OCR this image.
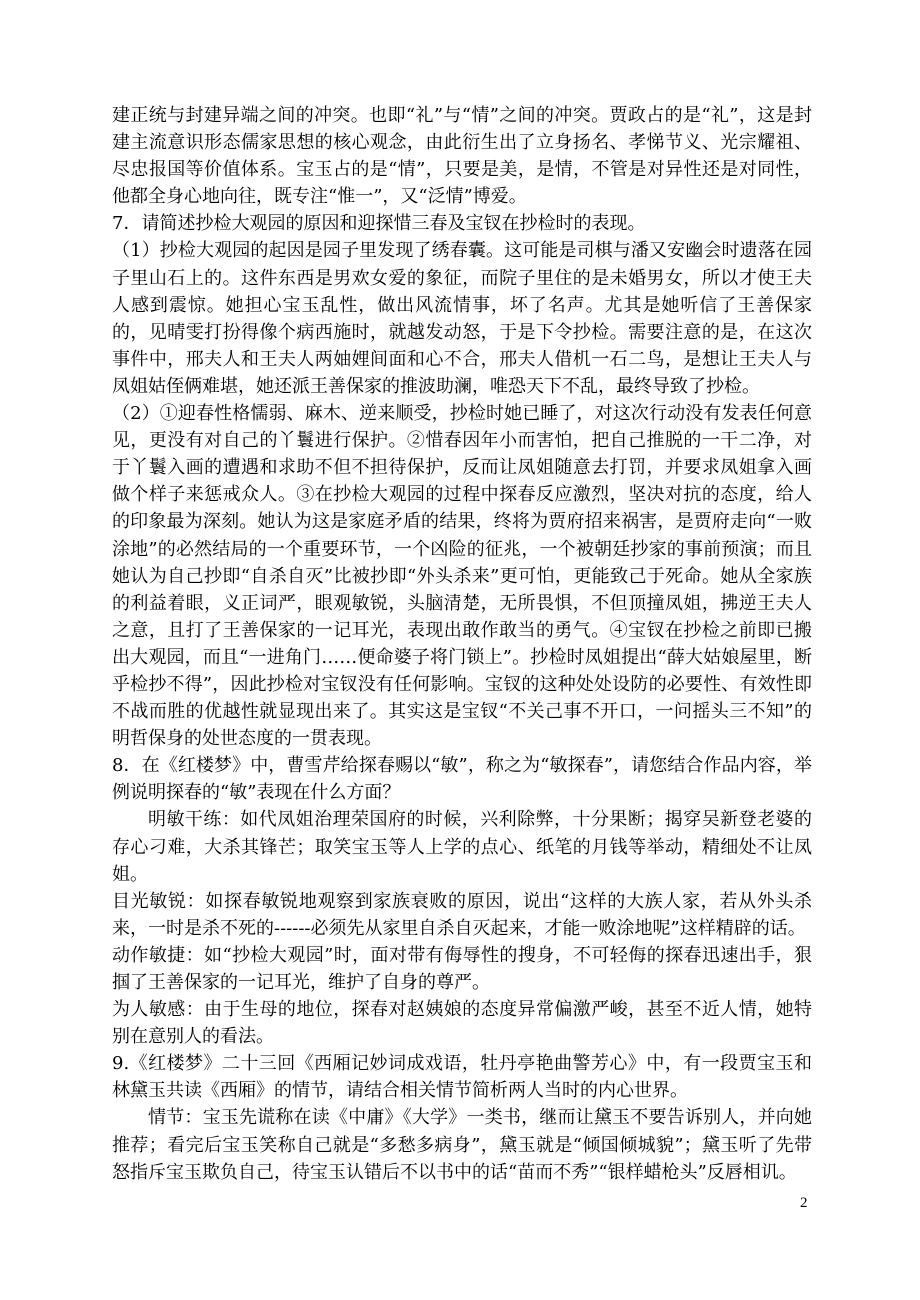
建正统与封建异端之间的冲突。也即“礼”与“情”之间的冲突。贾政占的是“礼”，这是封建主流意识形态儒家思想的核心观念，由此衍生出了立身扬名、孝悌节义、光宗耀祖、尽忠报国等价值体系。宝玉占的是“情”，只要是美，是情，不管是对异性还是对同性，他都全身心地向往，既专注“惟一”，又“泛情”博爱。

7．请简述抄检大观园的原因和迎探惜三春及宝钗在抄检时的表现。

（1）抄检大观园的起因是园子里发现了绣春囊。这可能是司棋与潘又安幽会时遗落在园子里山石上的。这件东西是男欢女爱的象征，而院子里住的是未婚男女，所以才使王夫人感到震惊。她担心宝玉乱性，做出风流情事，坏了名声。尤其是她听信了王善保家的，见晴雯打扮得像个病西施时，就越发动怒，于是下令抄检。需要注意的是，在这次事件中，邢夫人和王夫人两妯娌间面和心不合，邢夫人借机一石二鸟，是想让王夫人与凤姐姑侄俩难堪，她还派王善保家的推波助澜，唯恐天下不乱，最终导致了抄检。

（2）①迎春性格懦弱、麻木、逆来顺受，抄检时她已睡了，对这次行动没有发表任何意见，更没有对自己的丫鬟进行保护。②惜春因年小而害怕，把自己推脱的一干二净，对于丫鬟入画的遭遇和求助不但不担待保护，反而让凤姐随意去打罚，并要求凤姐拿入画做个样子来惩戒众人。③在抄检大观园的过程中探春反应激烈，坚决对抗的态度，给人的印象最为深刻。她认为这是家庭矛盾的结果，终将为贾府招来祸害，是贾府走向“一败涂地”的必然结局的一个重要环节，一个凶险的征兆，一个被朝廷抄家的事前预演；而且她认为自己抄即“自杀自灭”比被抄即“外头杀来”更可怕，更能致己于死命。她从全家族的利益着眼，义正词严，眼观敏锐，头脑清楚，无所畏惧，不但顶撞凤姐，拂逆王夫人之意，且打了王善保家的一记耳光，表现出敢作敢当的勇气。④宝钗在抄检之前即已搬出大观园，而且“一进角门……便命婆子将门锁上”。抄检时凤姐提出“薛大姑娘屋里，断乎检抄不得”，因此抄检对宝钗没有任何影响。宝钗的这种处处设防的必要性、有效性即不战而胜的优越性就显现出来了。其实这是宝钗“不关己事不开口，一问摇头三不知”的明哲保身的处世态度的一贯表现。

8．在《红楼梦》中，曹雪芹给探春赐以“敏”，称之为“敏探春”，请您结合作品内容，举例说明探春的“敏”表现在什么方面？

明敏干练：如代凤姐治理荣国府的时候，兴利除弊，十分果断；揭穿吴新登老婆的存心刁难，大杀其锋芒；取笑宝玉等人上学的点心、纸笔的月钱等举动，精细处不让凤姐。

目光敏锐：如探春敏锐地观察到家族衰败的原因，说出“这样的大族人家，若从外头杀来，一时是杀不死的------必须先从家里自杀自灭起来，才能一败涂地呢”这样精辟的话。

动作敏捷：如“抄检大观园”时，面对带有侮辱性的搜身，不可轻侮的探春迅速出手，狠掴了王善保家的一记耳光，维护了自身的尊严。

为人敏感：由于生母的地位，探春对赵姨娘的态度异常偏激严峻，甚至不近人情，她特别在意别人的看法。

9.《红楼梦》二十三回《西厢记妙词成戏语，牡丹亭艳曲警芳心》中，有一段贾宝玉和林黛玉共读《西厢》的情节，请结合相关情节简析两人当时的内心世界。

情节：宝玉先谎称在读《中庸》《大学》一类书，继而让黛玉不要告诉别人，并向她推荐；看完后宝玉笑称自己就是“多愁多病身”，黛玉就是“倾国倾城貌”；黛玉听了先带怒指斥宝玉欺负自己，待宝玉认错后不以书中的话“苗而不秀”“银样蜡枪头”反唇相讥。

2
